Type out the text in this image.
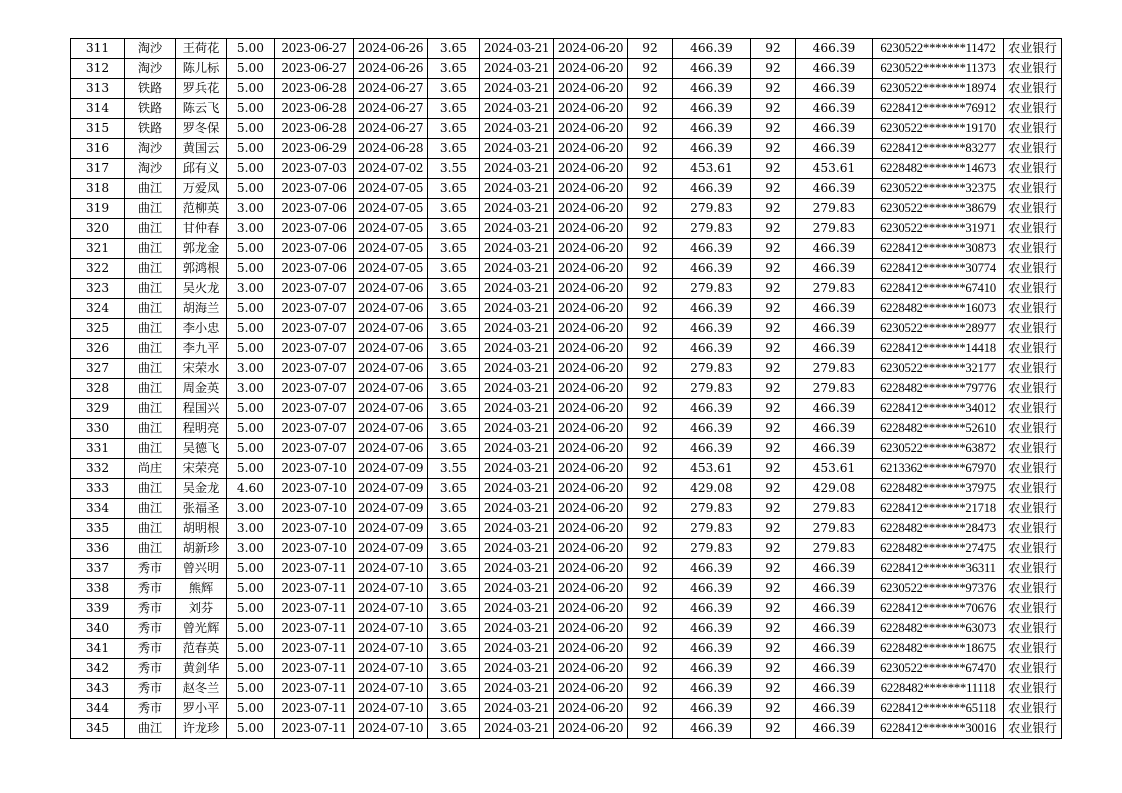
311	淘沙	王荷花	5.00	2023-06-27	2024-06-26	3.65	2024-03-21	2024-06-20	92	466.39	92	466.39	6230522*******11472	农业银行
312	淘沙	陈儿标	5.00	2023-06-27	2024-06-26	3.65	2024-03-21	2024-06-20	92	466.39	92	466.39	6230522*******11373	农业银行
313	铁路	罗兵花	5.00	2023-06-28	2024-06-27	3.65	2024-03-21	2024-06-20	92	466.39	92	466.39	6230522*******18974	农业银行
314	铁路	陈云飞	5.00	2023-06-28	2024-06-27	3.65	2024-03-21	2024-06-20	92	466.39	92	466.39	6228412*******76912	农业银行
315	铁路	罗冬保	5.00	2023-06-28	2024-06-27	3.65	2024-03-21	2024-06-20	92	466.39	92	466.39	6230522*******19170	农业银行
316	淘沙	黄国云	5.00	2023-06-29	2024-06-28	3.65	2024-03-21	2024-06-20	92	466.39	92	466.39	6228412*******83277	农业银行
317	淘沙	邱有义	5.00	2023-07-03	2024-07-02	3.55	2024-03-21	2024-06-20	92	453.61	92	453.61	6228482*******14673	农业银行
318	曲江	万爱凤	5.00	2023-07-06	2024-07-05	3.65	2024-03-21	2024-06-20	92	466.39	92	466.39	6230522*******32375	农业银行
319	曲江	范柳英	3.00	2023-07-06	2024-07-05	3.65	2024-03-21	2024-06-20	92	279.83	92	279.83	6230522*******38679	农业银行
320	曲江	甘仲春	3.00	2023-07-06	2024-07-05	3.65	2024-03-21	2024-06-20	92	279.83	92	279.83	6230522*******31971	农业银行
321	曲江	郭龙金	5.00	2023-07-06	2024-07-05	3.65	2024-03-21	2024-06-20	92	466.39	92	466.39	6228412*******30873	农业银行
322	曲江	郭鸿根	5.00	2023-07-06	2024-07-05	3.65	2024-03-21	2024-06-20	92	466.39	92	466.39	6228412*******30774	农业银行
323	曲江	吴火龙	3.00	2023-07-07	2024-07-06	3.65	2024-03-21	2024-06-20	92	279.83	92	279.83	6228412*******67410	农业银行
324	曲江	胡海兰	5.00	2023-07-07	2024-07-06	3.65	2024-03-21	2024-06-20	92	466.39	92	466.39	6228482*******16073	农业银行
325	曲江	李小忠	5.00	2023-07-07	2024-07-06	3.65	2024-03-21	2024-06-20	92	466.39	92	466.39	6230522*******28977	农业银行
326	曲江	李九平	5.00	2023-07-07	2024-07-06	3.65	2024-03-21	2024-06-20	92	466.39	92	466.39	6228412*******14418	农业银行
327	曲江	宋荣水	3.00	2023-07-07	2024-07-06	3.65	2024-03-21	2024-06-20	92	279.83	92	279.83	6230522*******32177	农业银行
328	曲江	周金英	3.00	2023-07-07	2024-07-06	3.65	2024-03-21	2024-06-20	92	279.83	92	279.83	6228482*******79776	农业银行
329	曲江	程国兴	5.00	2023-07-07	2024-07-06	3.65	2024-03-21	2024-06-20	92	466.39	92	466.39	6228412*******34012	农业银行
330	曲江	程明亮	5.00	2023-07-07	2024-07-06	3.65	2024-03-21	2024-06-20	92	466.39	92	466.39	6228482*******52610	农业银行
331	曲江	吴德飞	5.00	2023-07-07	2024-07-06	3.65	2024-03-21	2024-06-20	92	466.39	92	466.39	6230522*******63872	农业银行
332	尚庄	宋荣亮	5.00	2023-07-10	2024-07-09	3.55	2024-03-21	2024-06-20	92	453.61	92	453.61	6213362*******67970	农业银行
333	曲江	吴金龙	4.60	2023-07-10	2024-07-09	3.65	2024-03-21	2024-06-20	92	429.08	92	429.08	6228482*******37975	农业银行
334	曲江	张福圣	3.00	2023-07-10	2024-07-09	3.65	2024-03-21	2024-06-20	92	279.83	92	279.83	6228412*******21718	农业银行
335	曲江	胡明根	3.00	2023-07-10	2024-07-09	3.65	2024-03-21	2024-06-20	92	279.83	92	279.83	6228482*******28473	农业银行
336	曲江	胡新珍	3.00	2023-07-10	2024-07-09	3.65	2024-03-21	2024-06-20	92	279.83	92	279.83	6228482*******27475	农业银行
337	秀市	曾兴明	5.00	2023-07-11	2024-07-10	3.65	2024-03-21	2024-06-20	92	466.39	92	466.39	6228412*******36311	农业银行
338	秀市	熊辉	5.00	2023-07-11	2024-07-10	3.65	2024-03-21	2024-06-20	92	466.39	92	466.39	6230522*******97376	农业银行
339	秀市	刘芬	5.00	2023-07-11	2024-07-10	3.65	2024-03-21	2024-06-20	92	466.39	92	466.39	6228412*******70676	农业银行
340	秀市	曾光辉	5.00	2023-07-11	2024-07-10	3.65	2024-03-21	2024-06-20	92	466.39	92	466.39	6228482*******63073	农业银行
341	秀市	范春英	5.00	2023-07-11	2024-07-10	3.65	2024-03-21	2024-06-20	92	466.39	92	466.39	6228482*******18675	农业银行
342	秀市	黄剑华	5.00	2023-07-11	2024-07-10	3.65	2024-03-21	2024-06-20	92	466.39	92	466.39	6230522*******67470	农业银行
343	秀市	赵冬兰	5.00	2023-07-11	2024-07-10	3.65	2024-03-21	2024-06-20	92	466.39	92	466.39	6228482*******11118	农业银行
344	秀市	罗小平	5.00	2023-07-11	2024-07-10	3.65	2024-03-21	2024-06-20	92	466.39	92	466.39	6228412*******65118	农业银行
345	曲江	许龙珍	5.00	2023-07-11	2024-07-10	3.65	2024-03-21	2024-06-20	92	466.39	92	466.39	6228412*******30016	农业银行
